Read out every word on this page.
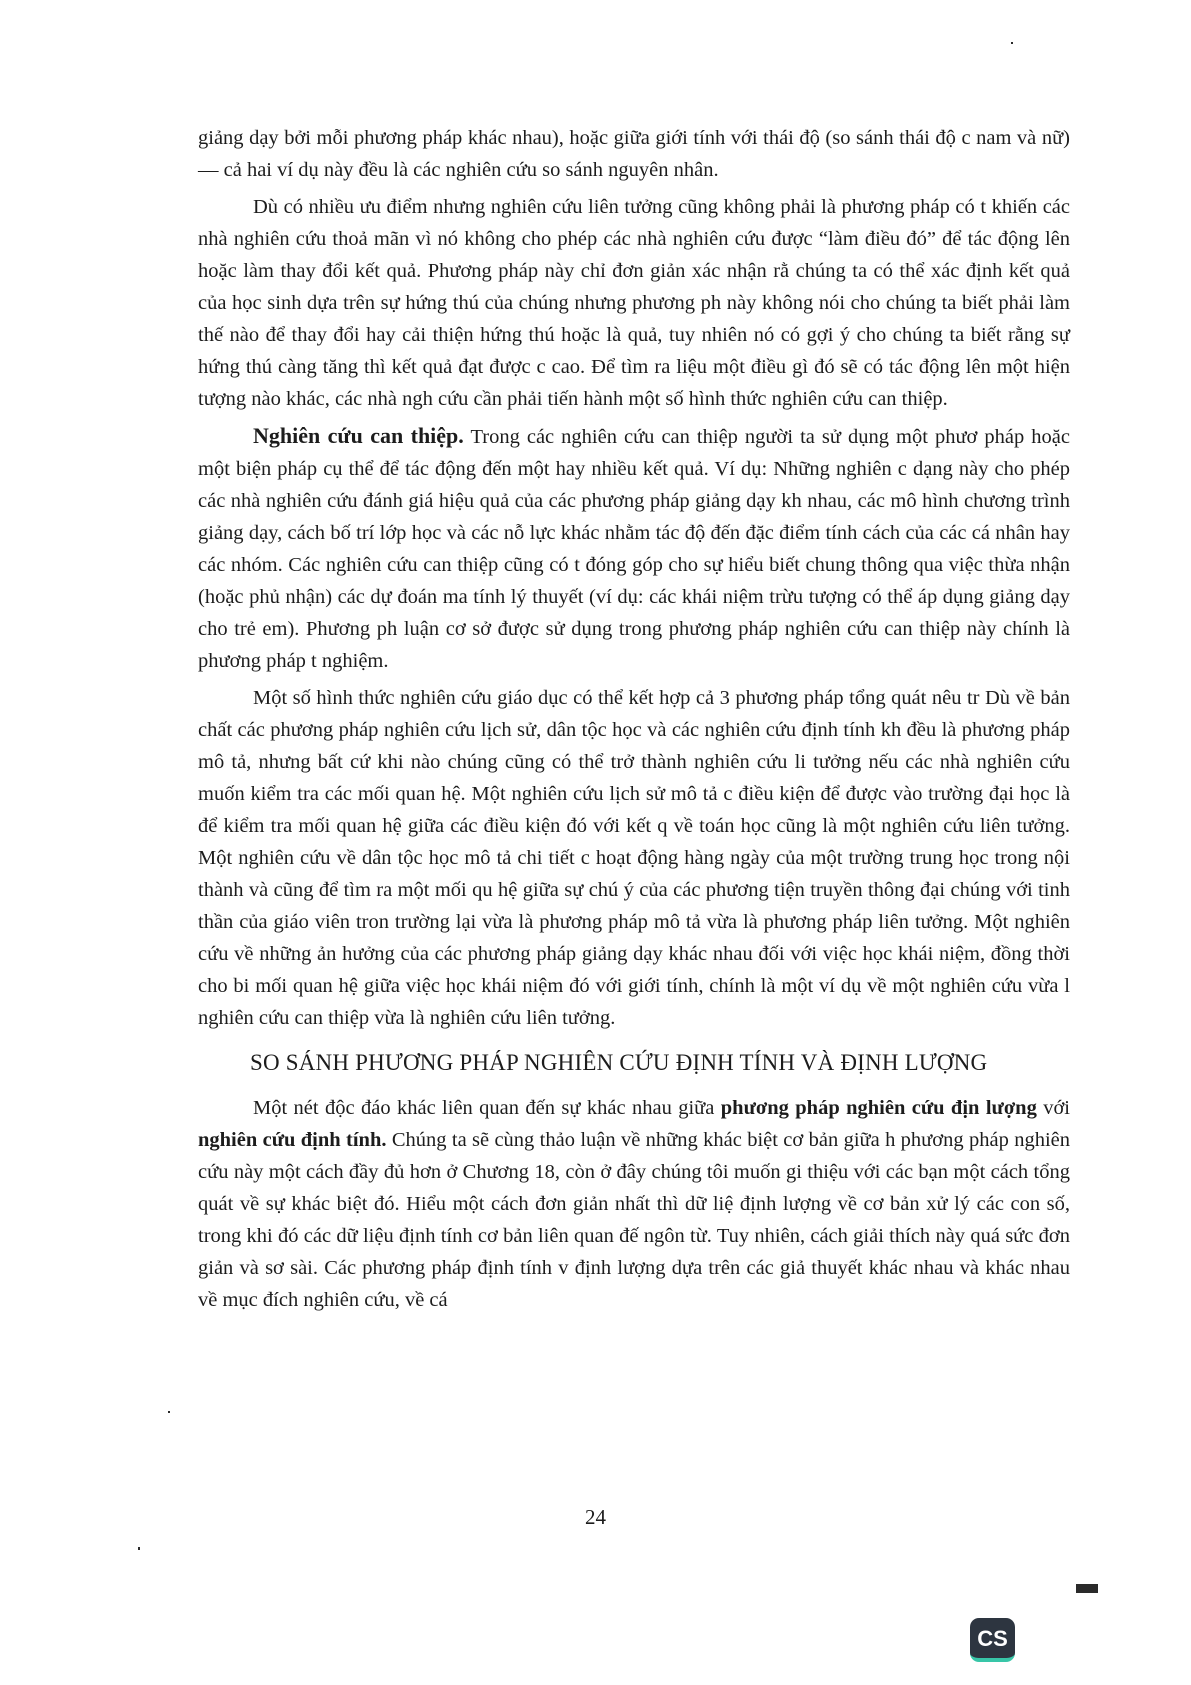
giảng dạy bởi mỗi phương pháp khác nhau), hoặc giữa giới tính với thái độ (so sánh thái độ c nam và nữ) — cả hai ví dụ này đều là các nghiên cứu so sánh nguyên nhân.

Dù có nhiều ưu điểm nhưng nghiên cứu liên tưởng cũng không phải là phương pháp có t khiến các nhà nghiên cứu thoả mãn vì nó không cho phép các nhà nghiên cứu được “làm điều đó” để tác động lên hoặc làm thay đổi kết quả. Phương pháp này chỉ đơn giản xác nhận rằ chúng ta có thể xác định kết quả của học sinh dựa trên sự hứng thú của chúng nhưng phương ph này không nói cho chúng ta biết phải làm thế nào để thay đổi hay cải thiện hứng thú hoặc là quả, tuy nhiên nó có gợi ý cho chúng ta biết rằng sự hứng thú càng tăng thì kết quả đạt được c cao. Để tìm ra liệu một điều gì đó sẽ có tác động lên một hiện tượng nào khác, các nhà ngh cứu cần phải tiến hành một số hình thức nghiên cứu can thiệp.

Nghiên cứu can thiệp. Trong các nghiên cứu can thiệp người ta sử dụng một phươ pháp hoặc một biện pháp cụ thể để tác động đến một hay nhiều kết quả. Ví dụ: Những nghiên c dạng này cho phép các nhà nghiên cứu đánh giá hiệu quả của các phương pháp giảng dạy kh nhau, các mô hình chương trình giảng dạy, cách bố trí lớp học và các nỗ lực khác nhằm tác độ đến đặc điểm tính cách của các cá nhân hay các nhóm. Các nghiên cứu can thiệp cũng có t đóng góp cho sự hiểu biết chung thông qua việc thừa nhận (hoặc phủ nhận) các dự đoán ma tính lý thuyết (ví dụ: các khái niệm trừu tượng có thể áp dụng giảng dạy cho trẻ em). Phương ph luận cơ sở được sử dụng trong phương pháp nghiên cứu can thiệp này chính là phương pháp t nghiệm.

Một số hình thức nghiên cứu giáo dục có thể kết hợp cả 3 phương pháp tổng quát nêu tr Dù về bản chất các phương pháp nghiên cứu lịch sử, dân tộc học và các nghiên cứu định tính kh đều là phương pháp mô tả, nhưng bất cứ khi nào chúng cũng có thể trở thành nghiên cứu li tưởng nếu các nhà nghiên cứu muốn kiểm tra các mối quan hệ. Một nghiên cứu lịch sử mô tả c điều kiện để được vào trường đại học là để kiểm tra mối quan hệ giữa các điều kiện đó với kết q về toán học cũng là một nghiên cứu liên tưởng. Một nghiên cứu về dân tộc học mô tả chi tiết c hoạt động hàng ngày của một trường trung học trong nội thành và cũng để tìm ra một mối qu hệ giữa sự chú ý của các phương tiện truyền thông đại chúng với tinh thần của giáo viên tron trường lại vừa là phương pháp mô tả vừa là phương pháp liên tưởng. Một nghiên cứu về những ản hưởng của các phương pháp giảng dạy khác nhau đối với việc học khái niệm, đồng thời cho bi mối quan hệ giữa việc học khái niệm đó với giới tính, chính là một ví dụ về một nghiên cứu vừa l nghiên cứu can thiệp vừa là nghiên cứu liên tưởng.

SO SÁNH PHƯƠNG PHÁP NGHIÊN CỨU ĐỊNH TÍNH VÀ ĐỊNH LƯỢNG

Một nét độc đáo khác liên quan đến sự khác nhau giữa phương pháp nghiên cứu địn lượng với nghiên cứu định tính. Chúng ta sẽ cùng thảo luận về những khác biệt cơ bản giữa h phương pháp nghiên cứu này một cách đầy đủ hơn ở Chương 18, còn ở đây chúng tôi muốn gi thiệu với các bạn một cách tổng quát về sự khác biệt đó. Hiểu một cách đơn giản nhất thì dữ liệ định lượng về cơ bản xử lý các con số, trong khi đó các dữ liệu định tính cơ bản liên quan đế ngôn từ. Tuy nhiên, cách giải thích này quá sức đơn giản và sơ sài. Các phương pháp định tính v định lượng dựa trên các giả thuyết khác nhau và khác nhau về mục đích nghiên cứu, về cá

24
CS
